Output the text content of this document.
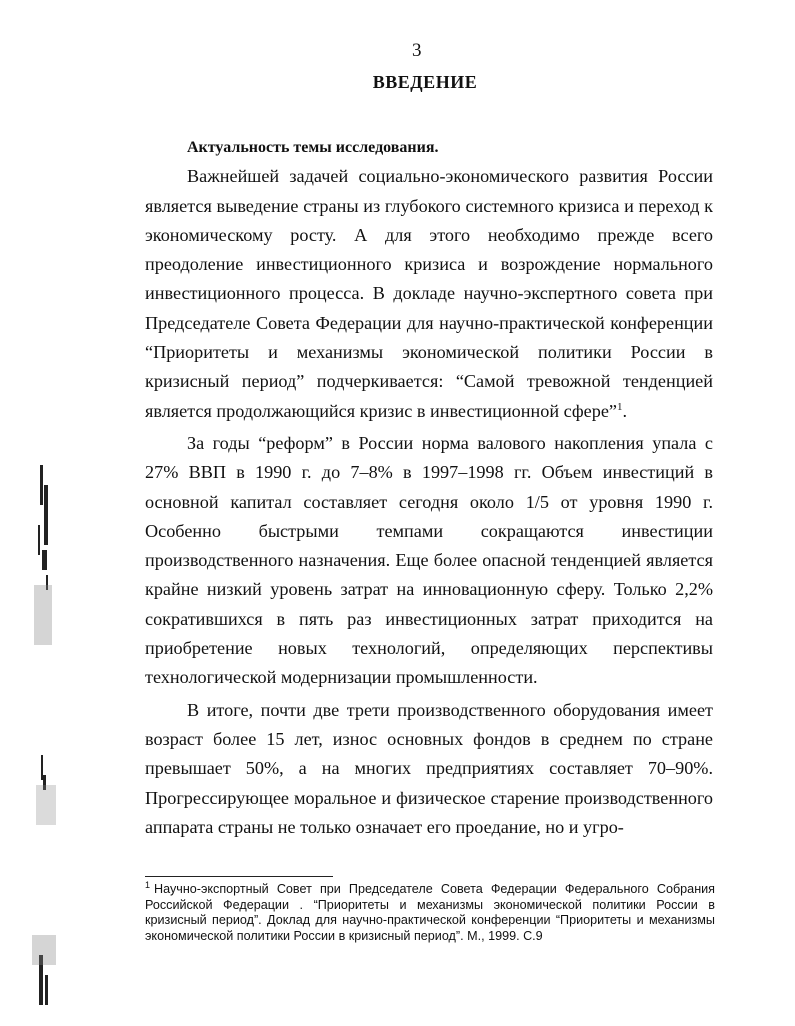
3
ВВЕДЕНИЕ

Актуальность темы исследования.

Важнейшей задачей социально-экономического развития России является выведение страны из глубокого системного кризиса и переход к экономическому росту. А для этого необходимо прежде всего преодоление инвестиционного кризиса и возрождение нормального инвестиционного процесса. В докладе научно-экспертного совета при Председателе Совета Федерации для научно-практической конференции “Приоритеты и механизмы экономической политики России в кризисный период” подчеркивается: “Самой тревожной тенденцией является продолжающийся кризис в инвестиционной сфере”$^1$.

За годы “реформ” в России норма валового накопления упала с 27% ВВП в 1990 г. до 7–8% в 1997–1998 гг. Объем инвестиций в основной капитал составляет сегодня около 1/5 от уровня 1990 г. Особенно быстрыми темпами сокращаются инвестиции производственного назначения. Еще более опасной тенденцией является крайне низкий уровень затрат на инновационную сферу. Только 2,2% сократившихся в пять раз инвестиционных затрат приходится на приобретение новых технологий, определяющих перспективы технологической модернизации промышленности.

В итоге, почти две трети производственного оборудования имеет возраст более 15 лет, износ основных фондов в среднем по стране превышает 50%, а на многих предприятиях составляет 70–90%. Прогрессирующее моральное и физическое старение производственного аппарата страны не только означает его проедание, но и угро-

$^1$ Научно-экспортный Совет при Председателе Совета Федерации Федерального Собрания Российской Федерации . “Приоритеты и механизмы экономической политики России в кризисный период”. Доклад для научно-практической конференции “Приоритеты и механизмы экономической политики России в кризисный период”. М., 1999. С.9
